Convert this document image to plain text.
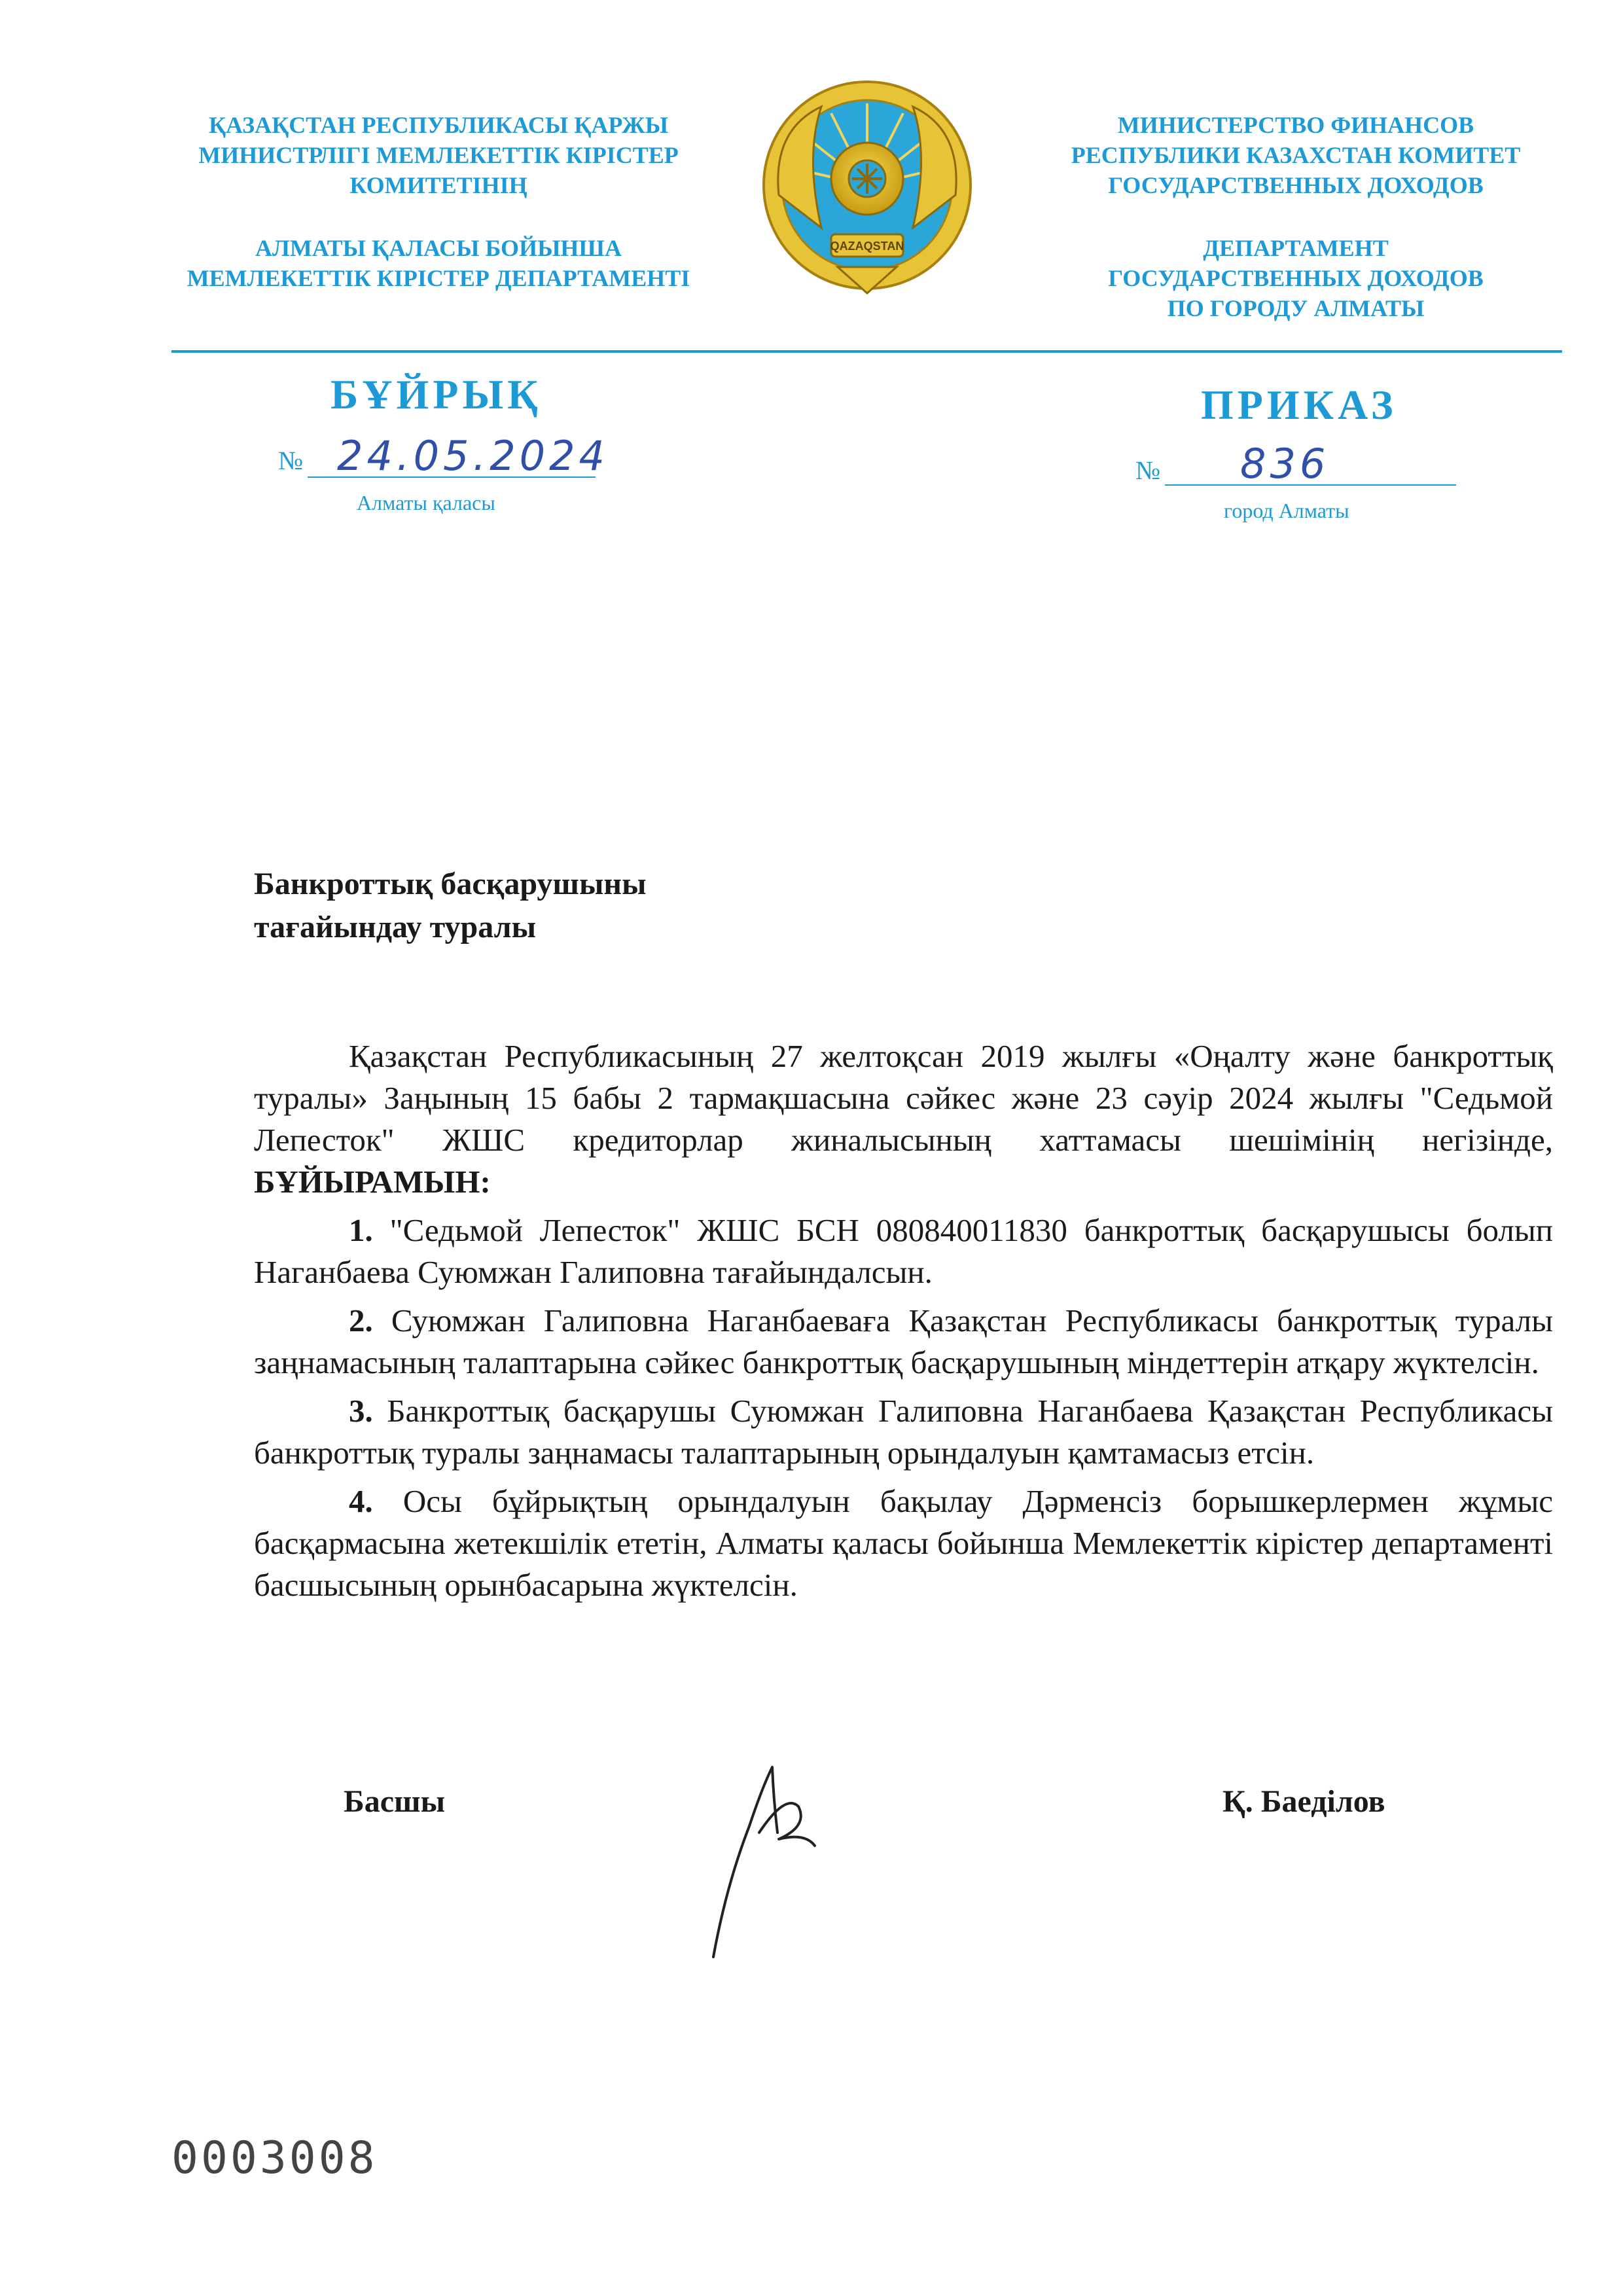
ҚАЗАҚСТАН РЕСПУБЛИКАСЫ ҚАРЖЫ
МИНИСТРЛІГІ МЕМЛЕКЕТТІК КІРІСТЕР
КОМИТЕТІНІҢ
АЛМАТЫ ҚАЛАСЫ БОЙЫНША
МЕМЛЕКЕТТІК КІРІСТЕР ДЕПАРТАМЕНТІ
QAZAQSTAN
МИНИСТЕРСТВО ФИНАНСОВ
РЕСПУБЛИКИ КАЗАХСТАН КОМИТЕТ
ГОСУДАРСТВЕННЫХ ДОХОДОВ
ДЕПАРТАМЕНТ
ГОСУДАРСТВЕННЫХ ДОХОДОВ
ПО ГОРОДУ АЛМАТЫ
БҰЙРЫҚ	ПРИКАЗ
№ 24.05.2024
Алматы қаласы
№ 836
город Алматы
Банкроттық басқарушыны
тағайындау туралы

Қазақстан Республикасының 27 желтоқсан 2019 жылғы «Оңалту және банкроттық туралы» Заңының 15 бабы 2 тармақшасына сәйкес және 23 сәуір 2024 жылғы "Седьмой Лепесток" ЖШС кредиторлар жиналысының хаттамасы шешімінің негізінде, БҰЙЫРАМЫН:

1. "Седьмой Лепесток" ЖШС БСН 080840011830 банкроттық басқарушысы болып Наганбаева Суюмжан Галиповна тағайындалсын.

2. Суюмжан Галиповна Наганбаеваға Қазақстан Республикасы банкроттық туралы заңнамасының талаптарына сәйкес банкроттық басқарушының міндеттерін атқару жүктелсін.

3. Банкроттық басқарушы Суюмжан Галиповна Наганбаева Қазақстан Республикасы банкроттық туралы заңнамасы талаптарының орындалуын қамтамасыз етсін.

4. Осы бұйрықтың орындалуын бақылау Дәрменсіз борышкерлермен жұмыс басқармасына жетекшілік ететін, Алматы қаласы бойынша Мемлекеттік кірістер департаменті басшысының орынбасарына жүктелсін.

Басшы	Қ. Баеділов
0003008
